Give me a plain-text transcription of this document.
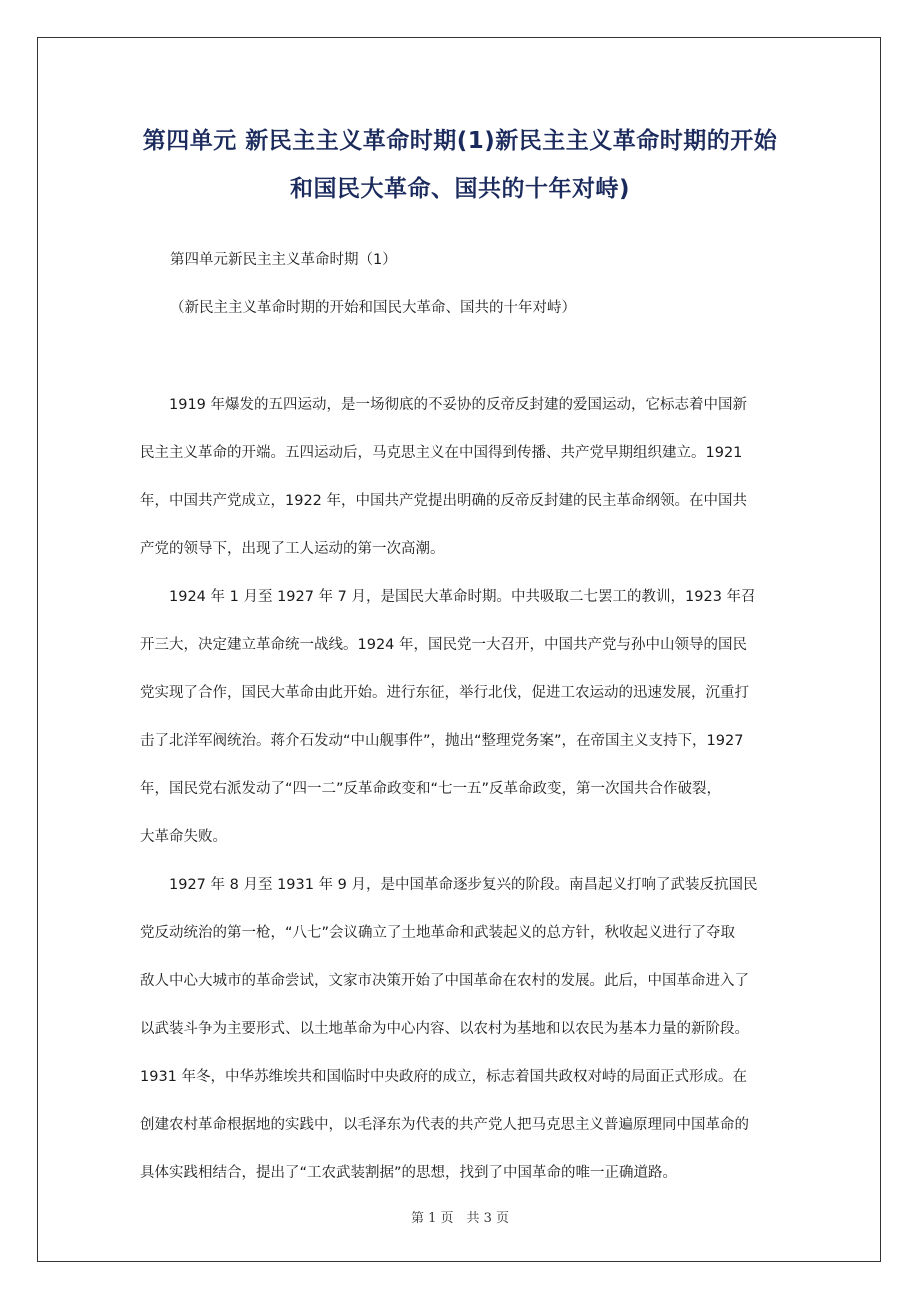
第四单元 新民主主义革命时期(1)新民主主义革命时期的开始
和国民大革命、国共的十年对峙)
第四单元新民主主义革命时期（1）
（新民主主义革命时期的开始和国民大革命、国共的十年对峙）
　　1919 年爆发的五四运动，是一场彻底的不妥协的反帝反封建的爱国运动，它标志着中国新
民主主义革命的开端。五四运动后，马克思主义在中国得到传播、共产党早期组织建立。1921
年，中国共产党成立，1922 年，中国共产党提出明确的反帝反封建的民主革命纲领。在中国共
产党的领导下，出现了工人运动的第一次高潮。
　　1924 年 1 月至 1927 年 7 月，是国民大革命时期。中共吸取二七罢工的教训，1923 年召
开三大，决定建立革命统一战线。1924 年，国民党一大召开，中国共产党与孙中山领导的国民
党实现了合作，国民大革命由此开始。进行东征，举行北伐，促进工农运动的迅速发展，沉重打
击了北洋军阀统治。蒋介石发动“中山舰事件”，抛出“整理党务案”，在帝国主义支持下，1927
年，国民党右派发动了“四一二”反革命政变和“七一五”反革命政变，第一次国共合作破裂，
大革命失败。
　　1927 年 8 月至 1931 年 9 月，是中国革命逐步复兴的阶段。南昌起义打响了武装反抗国民
党反动统治的第一枪，“八七”会议确立了土地革命和武装起义的总方针，秋收起义进行了夺取
敌人中心大城市的革命尝试，文家市决策开始了中国革命在农村的发展。此后，中国革命进入了
以武装斗争为主要形式、以土地革命为中心内容、以农村为基地和以农民为基本力量的新阶段。
1931 年冬，中华苏维埃共和国临时中央政府的成立，标志着国共政权对峙的局面正式形成。在
创建农村革命根据地的实践中，以毛泽东为代表的共产党人把马克思主义普遍原理同中国革命的
具体实践相结合，提出了“工农武装割据”的思想，找到了中国革命的唯一正确道路。
第 1 页　共 3 页
